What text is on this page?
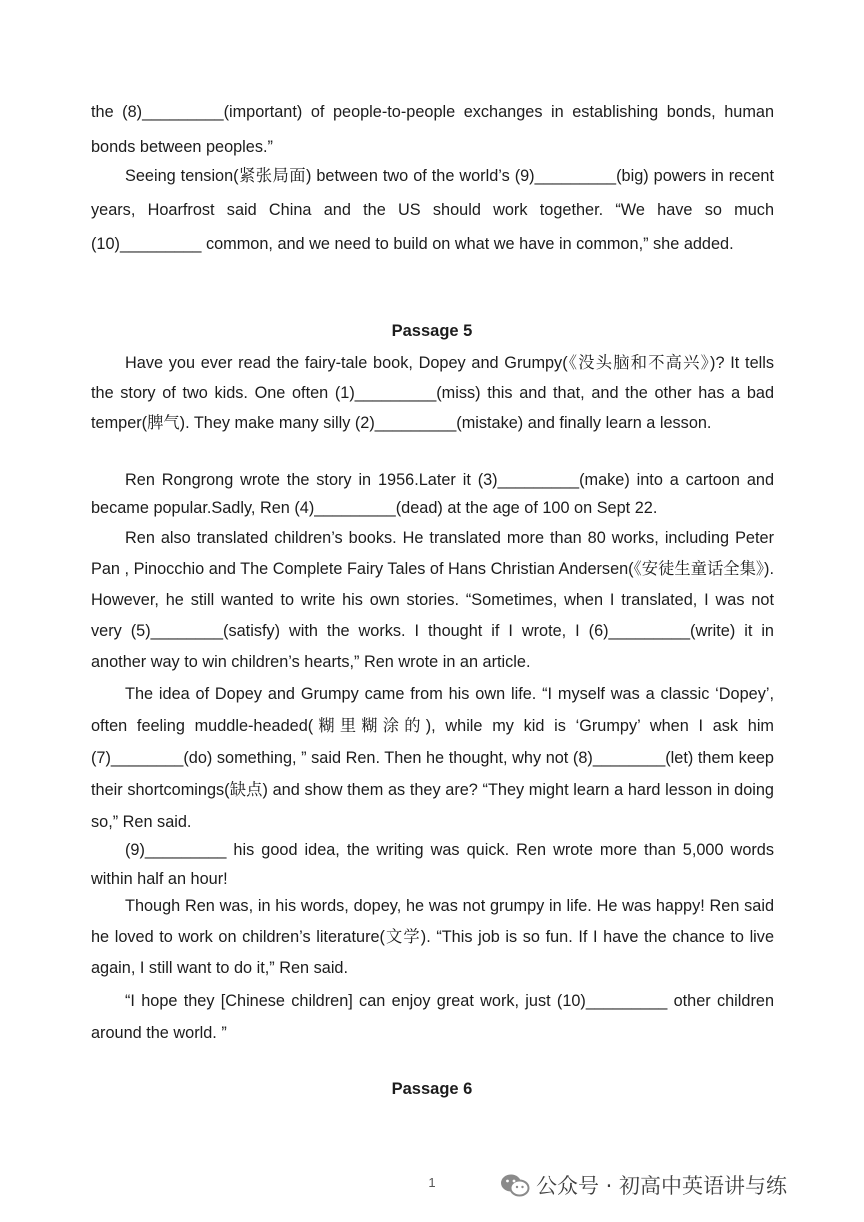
the (8)_________(important) of people-to-people exchanges in establishing bonds, human bonds between peoples.”

Seeing tension(紧张局面) between two of the world’s (9)_________(big) powers in recent years, Hoarfrost said China and the US should work together. “We have so much (10)_________ common, and we need to build on what we have in common,” she added.

Passage 5

Have you ever read the fairy-tale book, Dopey and Grumpy(《没头脑和不高兴》)? It tells the story of two kids. One often (1)_________(miss) this and that, and the other has a bad temper(脾气). They make many silly (2)_________(mistake) and finally learn a lesson.

Ren Rongrong wrote the story in 1956.Later it (3)_________(make) into a cartoon and became popular.Sadly, Ren (4)_________(dead) at the age of 100 on Sept 22.

Ren also translated children’s books. He translated more than 80 works, including Peter Pan , Pinocchio and The Complete Fairy Tales of Hans Christian Andersen(《安徒生童话全集》). However, he still wanted to write his own stories. “Sometimes, when I translated, I was not very (5)________(satisfy) with the works. I thought if I wrote, I (6)_________(write) it in another way to win children’s hearts,” Ren wrote in an article.

The idea of Dopey and Grumpy came from his own life. “I myself was a classic ‘Dopey’, often feeling muddle-headed(糊里糊涂的), while my kid is ‘Grumpy’ when I ask him (7)________(do) something, ” said Ren. Then he thought, why not (8)________(let) them keep their shortcomings(缺点) and show them as they are? “They might learn a hard lesson in doing so,” Ren said.

(9)_________ his good idea, the writing was quick. Ren wrote more than 5,000 words within half an hour!

Though Ren was, in his words, dopey, he was not grumpy in life. He was happy! Ren said he loved to work on children’s literature(文学). “This job is so fun. If I have the chance to live again, I still want to do it,” Ren said.

“I hope they [Chinese children] can enjoy great work, just (10)_________ other children around the world. ”

Passage 6
1	公众号 · 初高中英语讲与练
